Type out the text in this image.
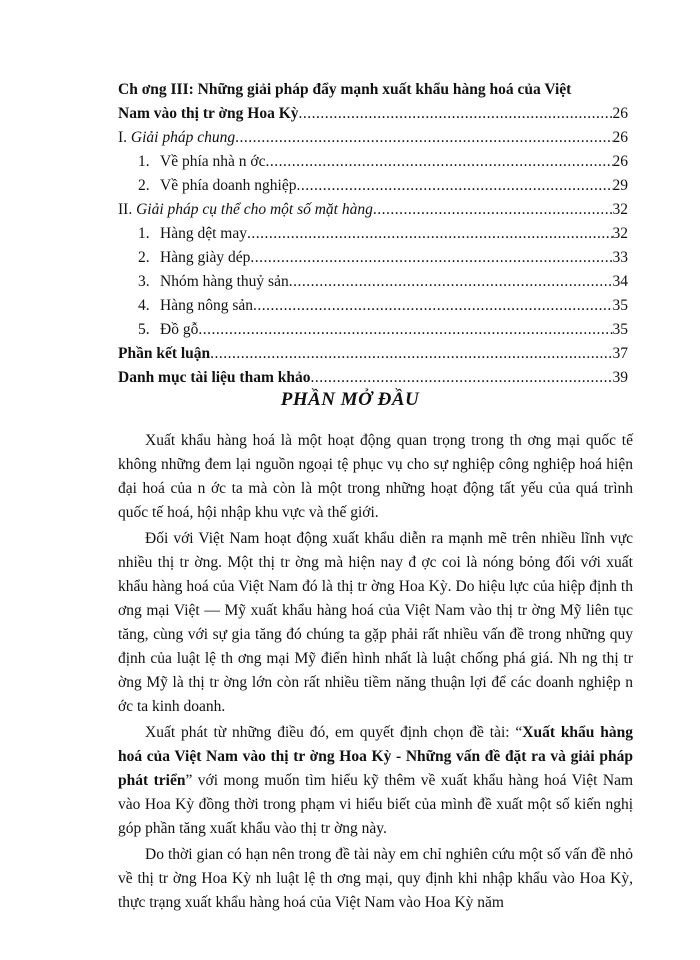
Ch ơng III: Những giải pháp đẩy mạnh xuất khẩu hàng hoá của Việt
Nam vào thị tr ờng Hoa Kỳ .....	26
I. Giải pháp chung .....	26
1. Về phía nhà n ớc .....	26
2. Về phía doanh nghiệp .....	29
II. Giải pháp cụ thể cho một số mặt hàng .....	32
1. Hàng dệt may .....	32
2. Hàng giày dép .....	33
3. Nhóm hàng thuỷ sản .....	34
4. Hàng nông sản .....	35
5. Đồ gỗ .....	35
Phần kết luận .....	37
Danh mục tài liệu tham khảo .....	39
PHẦN MỞ ĐẦU

Xuất khẩu hàng hoá là một hoạt động quan trọng trong th ơng mại quốc tế không những đem lại nguồn ngoại tệ phục vụ cho sự nghiệp công nghiệp hoá hiện đại hoá của n ớc ta mà còn là một trong những hoạt động tất yếu của quá trình quốc tế hoá, hội nhập khu vực và thế giới.

Đối với Việt Nam hoạt động xuất khẩu diễn ra mạnh mẽ trên nhiều lĩnh vực nhiều thị tr ờng. Một thị tr ờng mà hiện nay đ ợc coi là nóng bỏng đối với xuất khẩu hàng hoá của Việt Nam đó là thị tr ờng Hoa Kỳ. Do hiệu lực của hiệp định th ơng mại Việt — Mỹ xuất khẩu hàng hoá của Việt Nam vào thị tr ờng Mỹ liên tục tăng, cùng với sự gia tăng đó chúng ta gặp phải rất nhiều vấn đề trong những quy định của luật lệ th ơng mại Mỹ điển hình nhất là luật chống phá giá. Nh ng thị tr ờng Mỹ là thị tr ờng lớn còn rất nhiều tiềm năng thuận lợi để các doanh nghiệp n ớc ta kinh doanh.

Xuất phát từ những điều đó, em quyết định chọn đề tài: “Xuất khẩu hàng hoá của Việt Nam vào thị tr ờng Hoa Kỳ - Những vấn đề đặt ra và giải pháp phát triển” với mong muốn tìm hiểu kỹ thêm về xuất khẩu hàng hoá Việt Nam vào Hoa Kỳ đồng thời trong phạm vi hiểu biết của mình đề xuất một số kiến nghị góp phần tăng xuất khẩu vào thị tr ờng này.

Do thời gian có hạn nên trong đề tài này em chỉ nghiên cứu một số vấn đề nhỏ về thị tr ờng Hoa Kỳ nh luật lệ th ơng mại, quy định khi nhập khẩu vào Hoa Kỳ, thực trạng xuất khẩu hàng hoá của Việt Nam vào Hoa Kỳ năm
